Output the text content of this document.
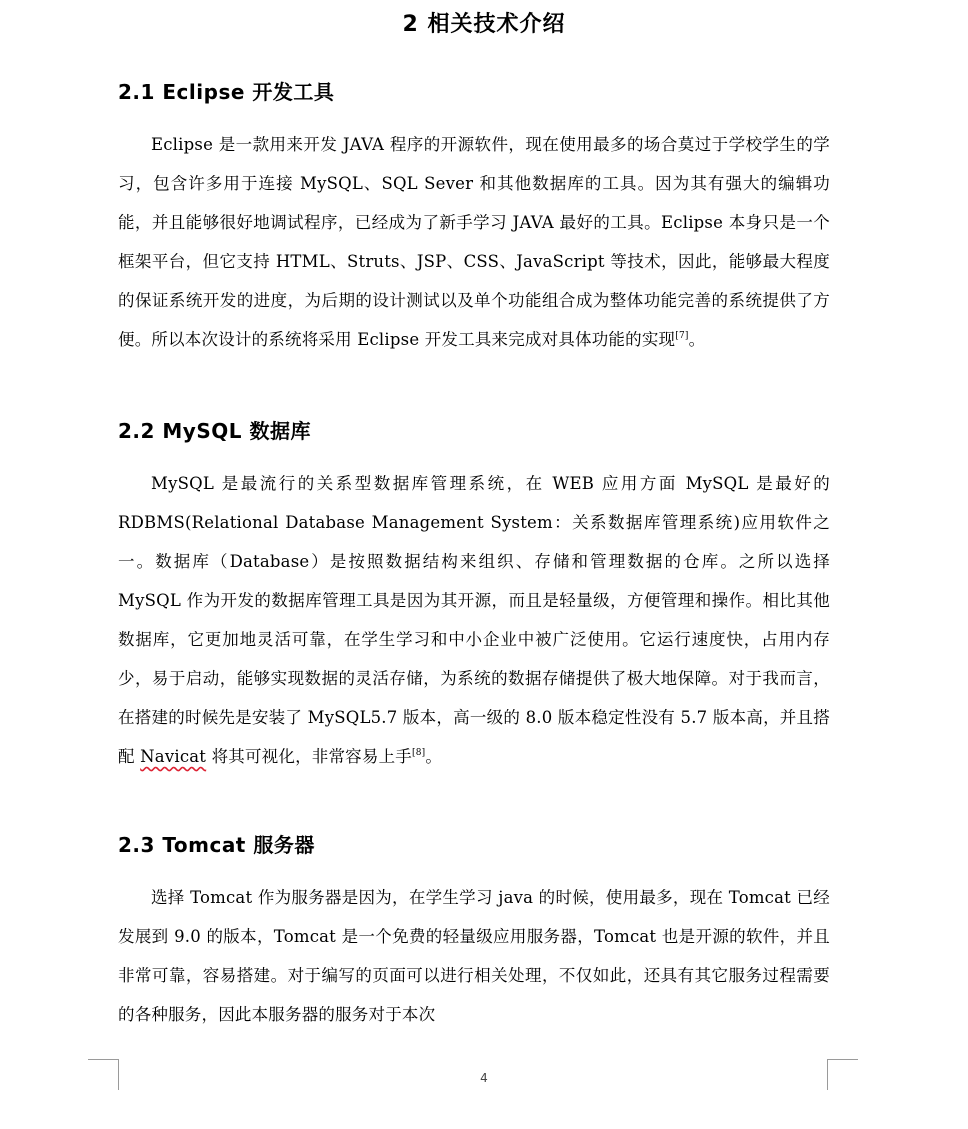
2 相关技术介绍
2.1 Eclipse 开发工具

Eclipse 是一款用来开发 JAVA 程序的开源软件，现在使用最多的场合莫过于学校学生的学习，包含许多用于连接 MySQL、SQL Sever 和其他数据库的工具。因为其有强大的编辑功能，并且能够很好地调试程序，已经成为了新手学习 JAVA 最好的工具。Eclipse 本身只是一个框架平台，但它支持 HTML、Struts、JSP、CSS、JavaScript 等技术，因此，能够最大程度的保证系统开发的进度，为后期的设计测试以及单个功能组合成为整体功能完善的系统提供了方便。所以本次设计的系统将采用 Eclipse 开发工具来完成对具体功能的实现[7]。

2.2 MySQL 数据库

MySQL 是最流行的关系型数据库管理系统，在 WEB 应用方面 MySQL 是最好的 RDBMS(Relational Database Management System：关系数据库管理系统)应用软件之一。数据库（Database）是按照数据结构来组织、存储和管理数据的仓库。之所以选择 MySQL 作为开发的数据库管理工具是因为其开源，而且是轻量级，方便管理和操作。相比其他数据库，它更加地灵活可靠，在学生学习和中小企业中被广泛使用。它运行速度快，占用内存少，易于启动，能够实现数据的灵活存储，为系统的数据存储提供了极大地保障。对于我而言，在搭建的时候先是安装了 MySQL5.7 版本，高一级的 8.0 版本稳定性没有 5.7 版本高，并且搭配 Navicat 将其可视化，非常容易上手[8]。

2.3 Tomcat 服务器

选择 Tomcat 作为服务器是因为，在学生学习 java 的时候，使用最多，现在 Tomcat 已经发展到 9.0 的版本，Tomcat 是一个免费的轻量级应用服务器，Tomcat 也是开源的软件，并且非常可靠，容易搭建。对于编写的页面可以进行相关处理，不仅如此，还具有其它服务过程需要的各种服务，因此本服务器的服务对于本次

4
